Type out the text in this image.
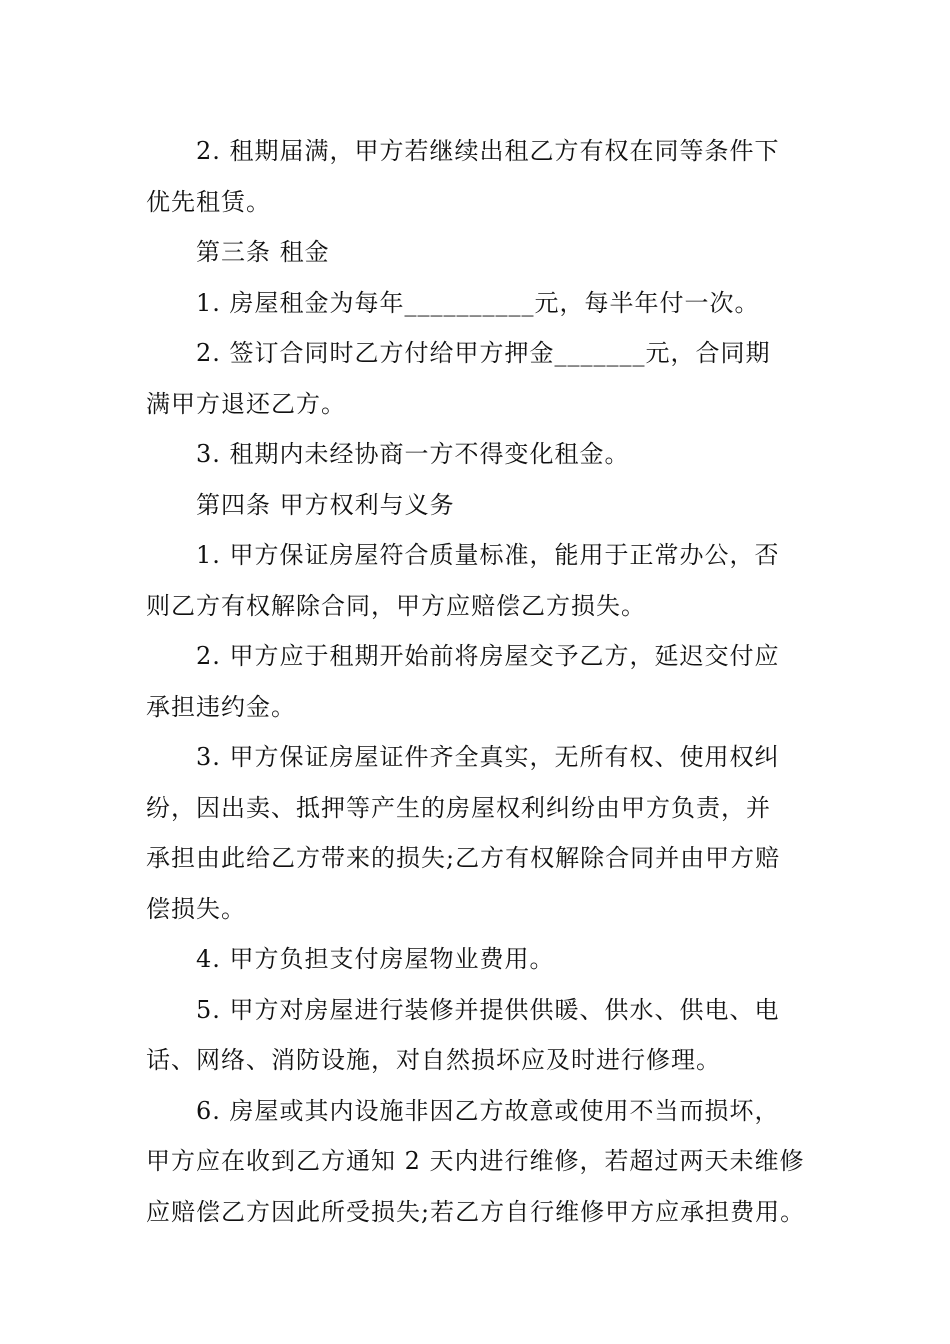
2. 租期届满，甲方若继续出租乙方有权在同等条件下
优先租赁。
第三条 租金
1. 房屋租金为每年__________元，每半年付一次。
2. 签订合同时乙方付给甲方押金_______元，合同期
满甲方退还乙方。
3. 租期内未经协商一方不得变化租金。
第四条 甲方权利与义务
1. 甲方保证房屋符合质量标准，能用于正常办公，否
则乙方有权解除合同，甲方应赔偿乙方损失。
2. 甲方应于租期开始前将房屋交予乙方，延迟交付应
承担违约金。
3. 甲方保证房屋证件齐全真实，无所有权、使用权纠
纷，因出卖、抵押等产生的房屋权利纠纷由甲方负责，并
承担由此给乙方带来的损失;乙方有权解除合同并由甲方赔
偿损失。
4. 甲方负担支付房屋物业费用。
5. 甲方对房屋进行装修并提供供暖、供水、供电、电
话、网络、消防设施，对自然损坏应及时进行修理。
6. 房屋或其内设施非因乙方故意或使用不当而损坏，
甲方应在收到乙方通知 2 天内进行维修，若超过两天未维修
应赔偿乙方因此所受损失;若乙方自行维修甲方应承担费用。
